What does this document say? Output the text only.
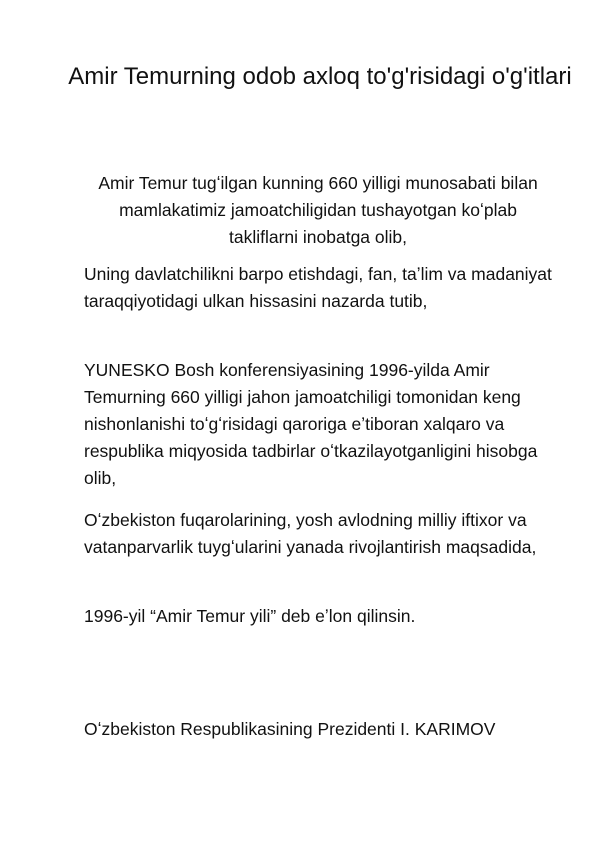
Amir Temurning odob axloq to'g'risidagi o'g'itlari

Amir Temur tugʻilgan kunning 660 yilligi munosabati bilan mamlakatimiz jamoatchiligidan tushayotgan koʻplab takliflarni inobatga olib,

Uning davlatchilikni barpo etishdagi, fan, taʼlim va madaniyat taraqqiyotidagi ulkan hissasini nazarda tutib,

YUNESKO Bosh konferensiyasining 1996-yilda Amir Temurning 660 yilligi jahon jamoatchiligi tomonidan keng nishonlanishi toʻgʻrisidagi qaroriga eʼtiboran xalqaro va respublika miqyosida tadbirlar oʻtkazilayotganligini hisobga olib,

Oʻzbekiston fuqarolarining, yosh avlodning milliy iftixor va vatanparvarlik tuygʻularini yanada rivojlantirish maqsadida,

1996-yil “Amir Temur yili” deb eʼlon qilinsin.

Oʻzbekiston Respublikasining Prezidenti I. KARIMOV
